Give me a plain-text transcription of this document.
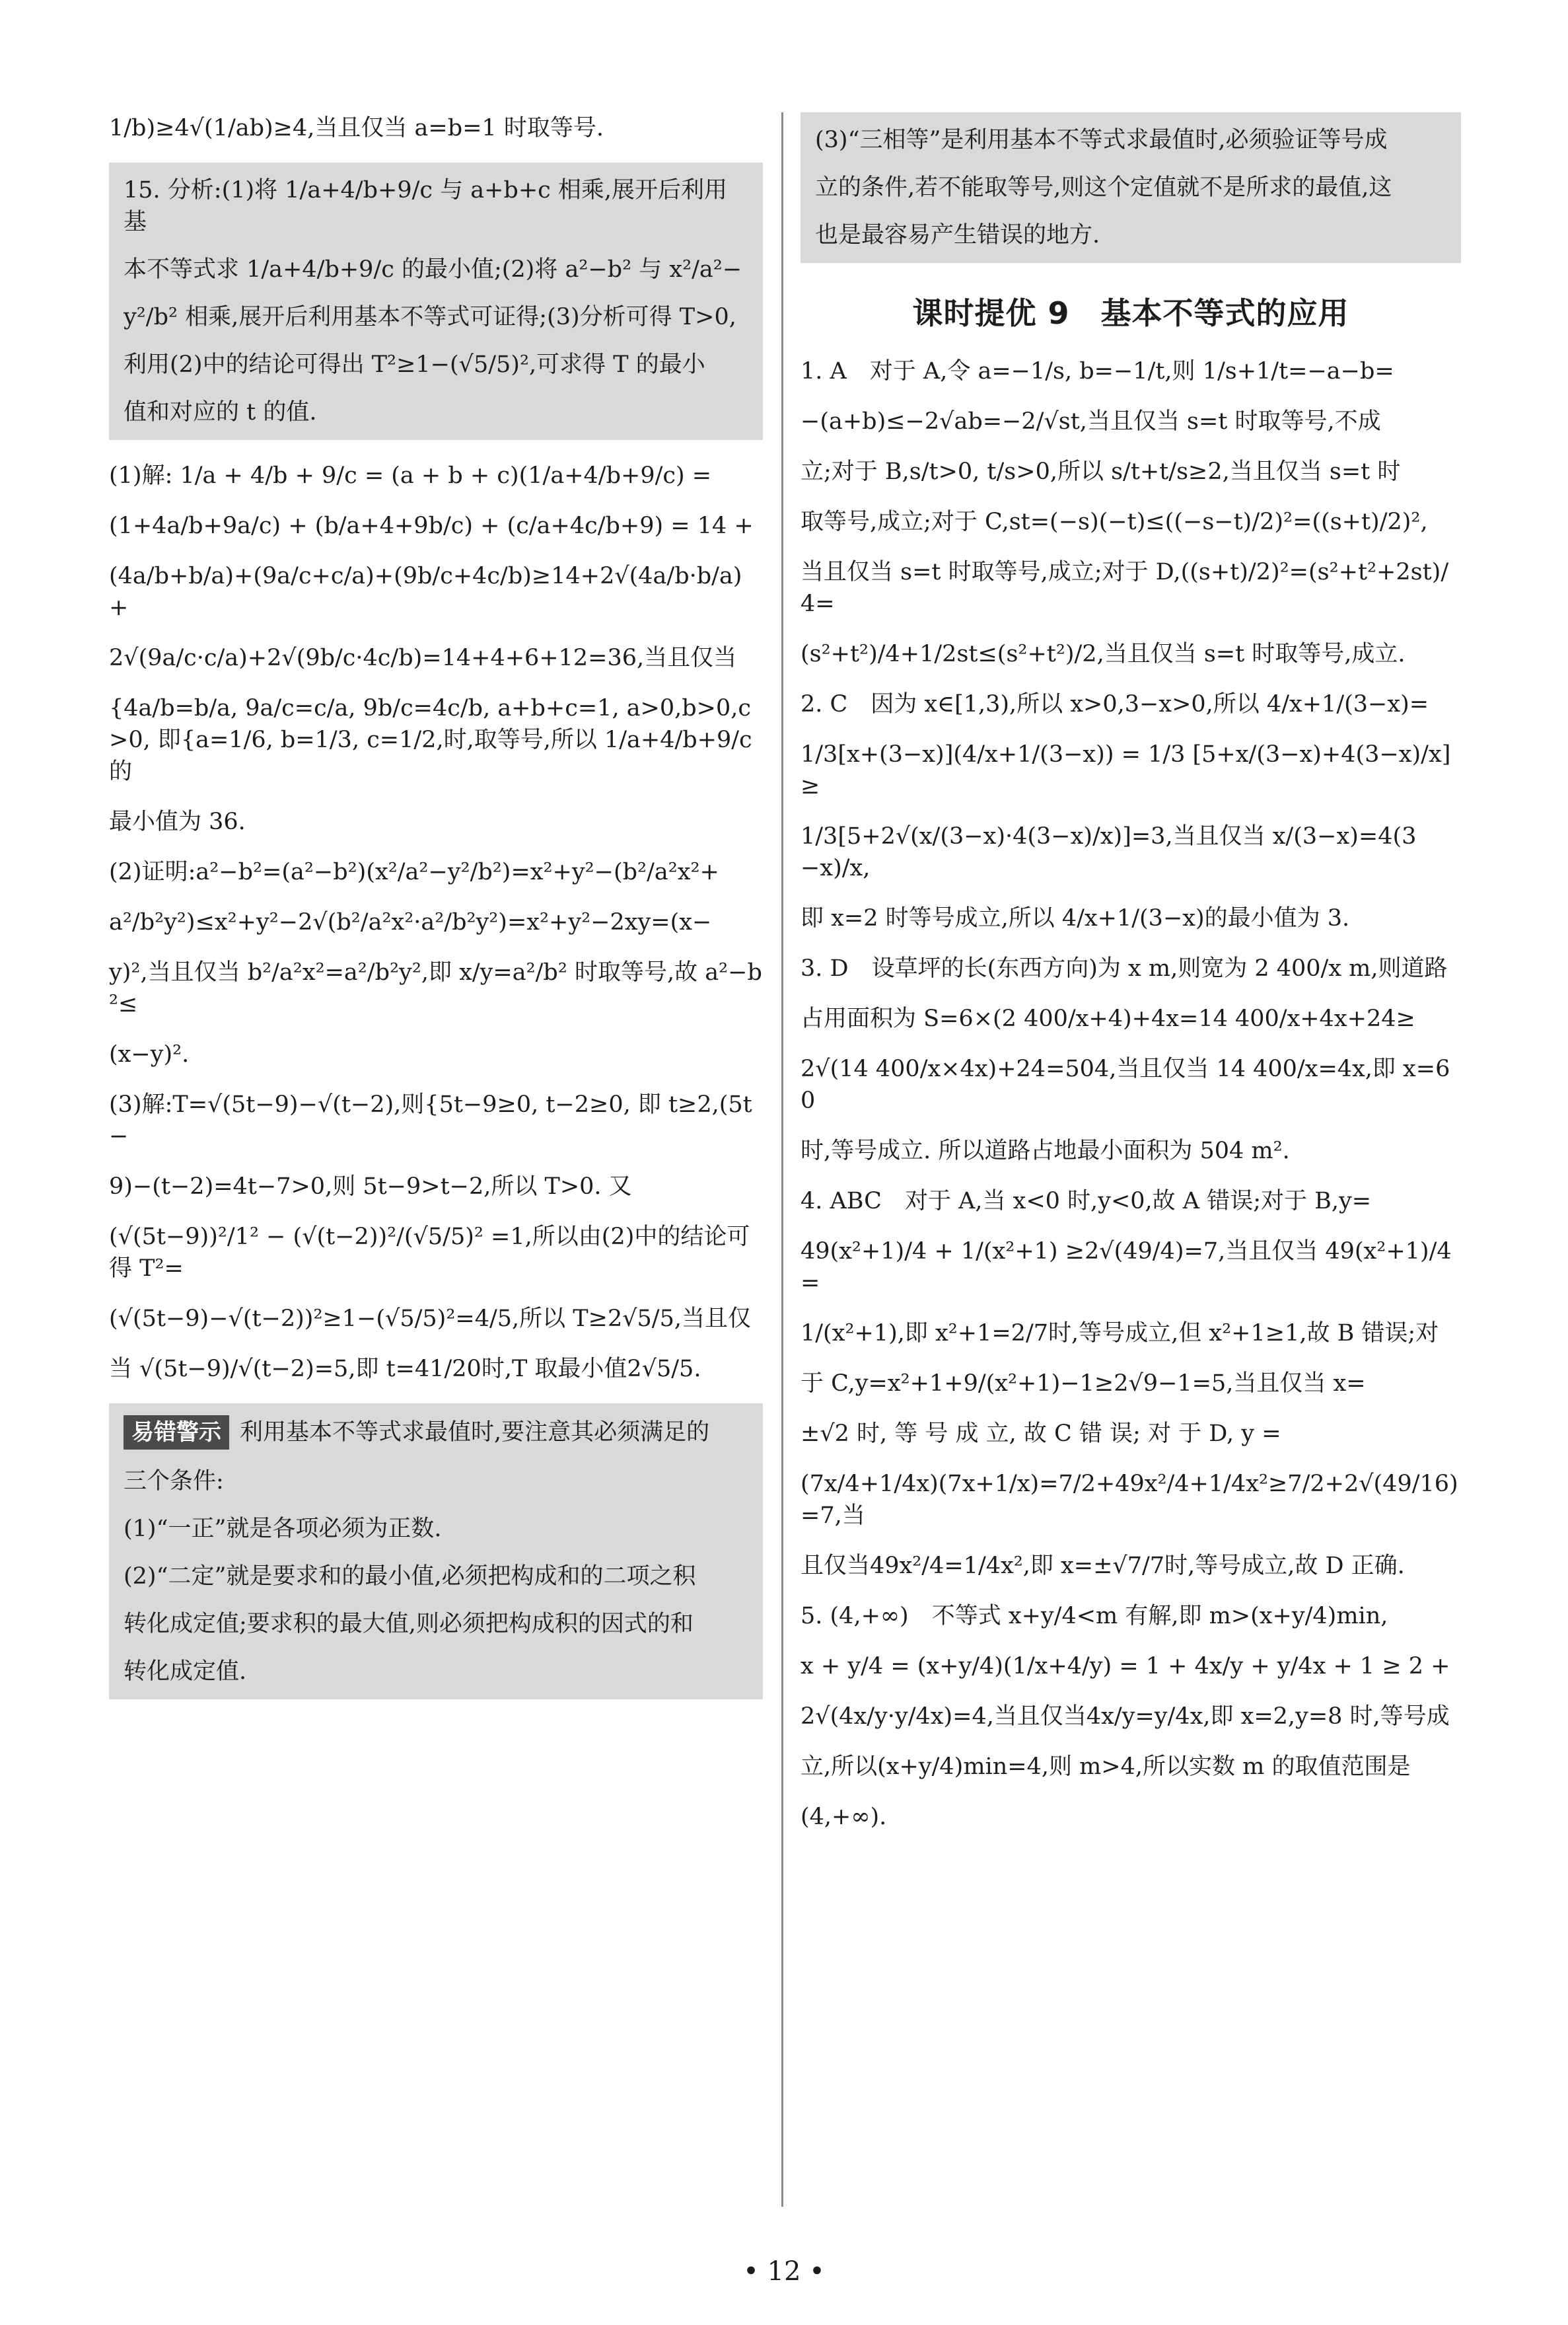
1/b)≥4√(1/ab)≥4,当且仅当 a=b=1 时取等号.

15. 分析:(1)将 1/a+4/b+9/c 与 a+b+c 相乘,展开后利用基

本不等式求 1/a+4/b+9/c 的最小值;(2)将 a²−b² 与 x²/a²−

y²/b² 相乘,展开后利用基本不等式可证得;(3)分析可得 T>0,

利用(2)中的结论可得出 T²≥1−(√5/5)²,可求得 T 的最小

值和对应的 t 的值.

(1)解: 1/a + 4/b + 9/c = (a + b + c)(1/a+4/b+9/c) =

(1+4a/b+9a/c) + (b/a+4+9b/c) + (c/a+4c/b+9) = 14 +

(4a/b+b/a)+(9a/c+c/a)+(9b/c+4c/b)≥14+2√(4a/b·b/a) +

2√(9a/c·c/a)+2√(9b/c·4c/b)=14+4+6+12=36,当且仅当

{4a/b=b/a, 9a/c=c/a, 9b/c=4c/b, a+b+c=1, a>0,b>0,c>0, 即{a=1/6, b=1/3, c=1/2,时,取等号,所以 1/a+4/b+9/c 的

最小值为 36.

(2)证明:a²−b²=(a²−b²)(x²/a²−y²/b²)=x²+y²−(b²/a²x²+

a²/b²y²)≤x²+y²−2√(b²/a²x²·a²/b²y²)=x²+y²−2xy=(x−

y)²,当且仅当 b²/a²x²=a²/b²y²,即 x/y=a²/b² 时取等号,故 a²−b²≤

(x−y)².

(3)解:T=√(5t−9)−√(t−2),则{5t−9≥0, t−2≥0, 即 t≥2,(5t−

9)−(t−2)=4t−7>0,则 5t−9>t−2,所以 T>0. 又

(√(5t−9))²/1² − (√(t−2))²/(√5/5)² =1,所以由(2)中的结论可得 T²=

(√(5t−9)−√(t−2))²≥1−(√5/5)²=4/5,所以 T≥2√5/5,当且仅

当 √(5t−9)/√(t−2)=5,即 t=41/20时,T 取最小值2√5/5.

易错警示 利用基本不等式求最值时,要注意其必须满足的

三个条件:

(1)“一正”就是各项必须为正数.

(2)“二定”就是要求和的最小值,必须把构成和的二项之积

转化成定值;要求积的最大值,则必须把构成积的因式的和

转化成定值.

(3)“三相等”是利用基本不等式求最值时,必须验证等号成

立的条件,若不能取等号,则这个定值就不是所求的最值,这

也是最容易产生错误的地方.

课时提优 9　基本不等式的应用

1. A　对于 A,令 a=−1/s, b=−1/t,则 1/s+1/t=−a−b=

−(a+b)≤−2√ab=−2/√st,当且仅当 s=t 时取等号,不成

立;对于 B,s/t>0, t/s>0,所以 s/t+t/s≥2,当且仅当 s=t 时

取等号,成立;对于 C,st=(−s)(−t)≤((−s−t)/2)²=((s+t)/2)²,

当且仅当 s=t 时取等号,成立;对于 D,((s+t)/2)²=(s²+t²+2st)/4=

(s²+t²)/4+1/2st≤(s²+t²)/2,当且仅当 s=t 时取等号,成立.

2. C　因为 x∈[1,3),所以 x>0,3−x>0,所以 4/x+1/(3−x)=

1/3[x+(3−x)](4/x+1/(3−x)) = 1/3 [5+x/(3−x)+4(3−x)/x]≥

1/3[5+2√(x/(3−x)·4(3−x)/x)]=3,当且仅当 x/(3−x)=4(3−x)/x,

即 x=2 时等号成立,所以 4/x+1/(3−x)的最小值为 3.

3. D　设草坪的长(东西方向)为 x m,则宽为 2 400/x m,则道路

占用面积为 S=6×(2 400/x+4)+4x=14 400/x+4x+24≥

2√(14 400/x×4x)+24=504,当且仅当 14 400/x=4x,即 x=60

时,等号成立. 所以道路占地最小面积为 504 m².

4. ABC　对于 A,当 x<0 时,y<0,故 A 错误;对于 B,y=

49(x²+1)/4 + 1/(x²+1) ≥2√(49/4)=7,当且仅当 49(x²+1)/4 =

1/(x²+1),即 x²+1=2/7时,等号成立,但 x²+1≥1,故 B 错误;对

于 C,y=x²+1+9/(x²+1)−1≥2√9−1=5,当且仅当 x=

±√2 时, 等 号 成 立, 故 C 错 误; 对 于 D, y =

(7x/4+1/4x)(7x+1/x)=7/2+49x²/4+1/4x²≥7/2+2√(49/16)=7,当

且仅当49x²/4=1/4x²,即 x=±√7/7时,等号成立,故 D 正确.

5. (4,+∞)　不等式 x+y/4<m 有解,即 m>(x+y/4)min,

x + y/4 = (x+y/4)(1/x+4/y) = 1 + 4x/y + y/4x + 1 ≥ 2 +

2√(4x/y·y/4x)=4,当且仅当4x/y=y/4x,即 x=2,y=8 时,等号成

立,所以(x+y/4)min=4,则 m>4,所以实数 m 的取值范围是

(4,+∞).

• 12 •
